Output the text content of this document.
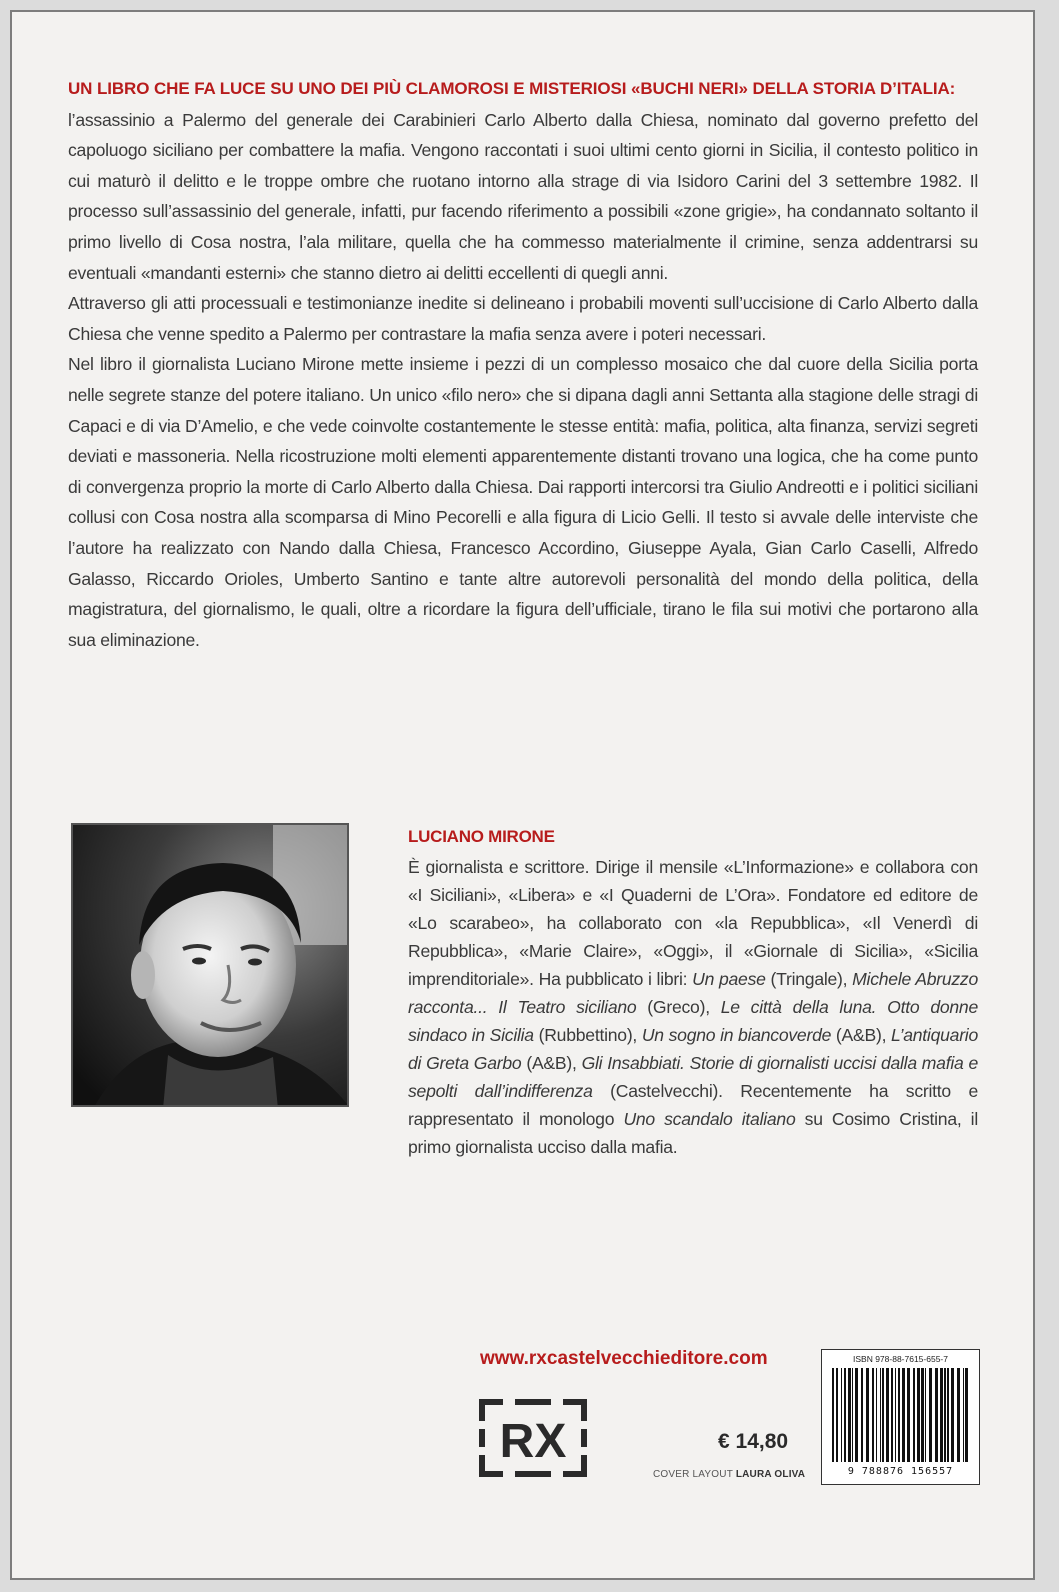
UN LIBRO CHE FA LUCE SU UNO DEI PIÙ CLAMOROSI E MISTERIOSI «BUCHI NERI» DELLA STORIA D’ITALIA:
l’assassinio a Palermo del generale dei Carabinieri Carlo Alberto dalla Chiesa, nominato dal governo prefetto del capoluogo siciliano per combattere la mafia. Vengono raccontati i suoi ultimi cento giorni in Sicilia, il contesto politico in cui maturò il delitto e le troppe ombre che ruotano intorno alla strage di via Isidoro Carini del 3 settembre 1982. Il processo sull’assassinio del generale, infatti, pur facendo riferimento a possibili «zone grigie», ha condannato soltanto il primo livello di Cosa nostra, l’ala militare, quella che ha commesso materialmente il crimine, senza addentrarsi su eventuali «mandanti esterni» che stanno dietro ai delitti eccellenti di quegli anni.
Attraverso gli atti processuali e testimonianze inedite si delineano i probabili moventi sull’uccisione di Carlo Alberto dalla Chiesa che venne spedito a Palermo per contrastare la mafia senza avere i poteri necessari.
Nel libro il giornalista Luciano Mirone mette insieme i pezzi di un complesso mosaico che dal cuore della Sicilia porta nelle segrete stanze del potere italiano. Un unico «filo nero» che si dipana dagli anni Settanta alla stagione delle stragi di Capaci e di via D’Amelio, e che vede coinvolte costantemente le stesse entità: mafia, politica, alta finanza, servizi segreti deviati e massoneria. Nella ricostruzione molti elementi apparentemente distanti trovano una logica, che ha come punto di convergenza proprio la morte di Carlo Alberto dalla Chiesa. Dai rapporti intercorsi tra Giulio Andreotti e i politici siciliani collusi con Cosa nostra alla scomparsa di Mino Pecorelli e alla figura di Licio Gelli. Il testo si avvale delle interviste che l’autore ha realizzato con Nando dalla Chiesa, Francesco Accordino, Giuseppe Ayala, Gian Carlo Caselli, Alfredo Galasso, Riccardo Orioles, Umberto Santino e tante altre autorevoli personalità del mondo della politica, della magistratura, del giornalismo, le quali, oltre a ricordare la figura dell’ufficiale, tirano le fila sui motivi che portarono alla sua eliminazione.
LUCIANO MIRONE
È giornalista e scrittore. Dirige il mensile «L’Informazione» e collabora con «I Siciliani», «Libera» e «I Quaderni de L’Ora». Fondatore ed editore de «Lo scarabeo», ha collaborato con «la Repubblica», «Il Venerdì di Repubblica», «Marie Claire», «Oggi», il «Giornale di Sicilia», «Sicilia imprenditoriale». Ha pubblicato i libri: Un paese (Tringale), Michele Abruzzo racconta... Il Teatro siciliano (Greco), Le città della luna. Otto donne sindaco in Sicilia (Rubbettino), Un sogno in biancoverde (A&B), L’antiquario di Greta Garbo (A&B), Gli Insabbiati. Storie di giornalisti uccisi dalla mafia e sepolti dall’indifferenza (Castelvecchi). Recentemente ha scritto e rappresentato il monologo Uno scandalo italiano su Cosimo Cristina, il primo giornalista ucciso dalla mafia.
www.rxcastelvecchieditore.com
RX	€ 14,80
COVER LAYOUT LAURA OLIVA
ISBN 978-88-7615-655-7
9 788876 156557
